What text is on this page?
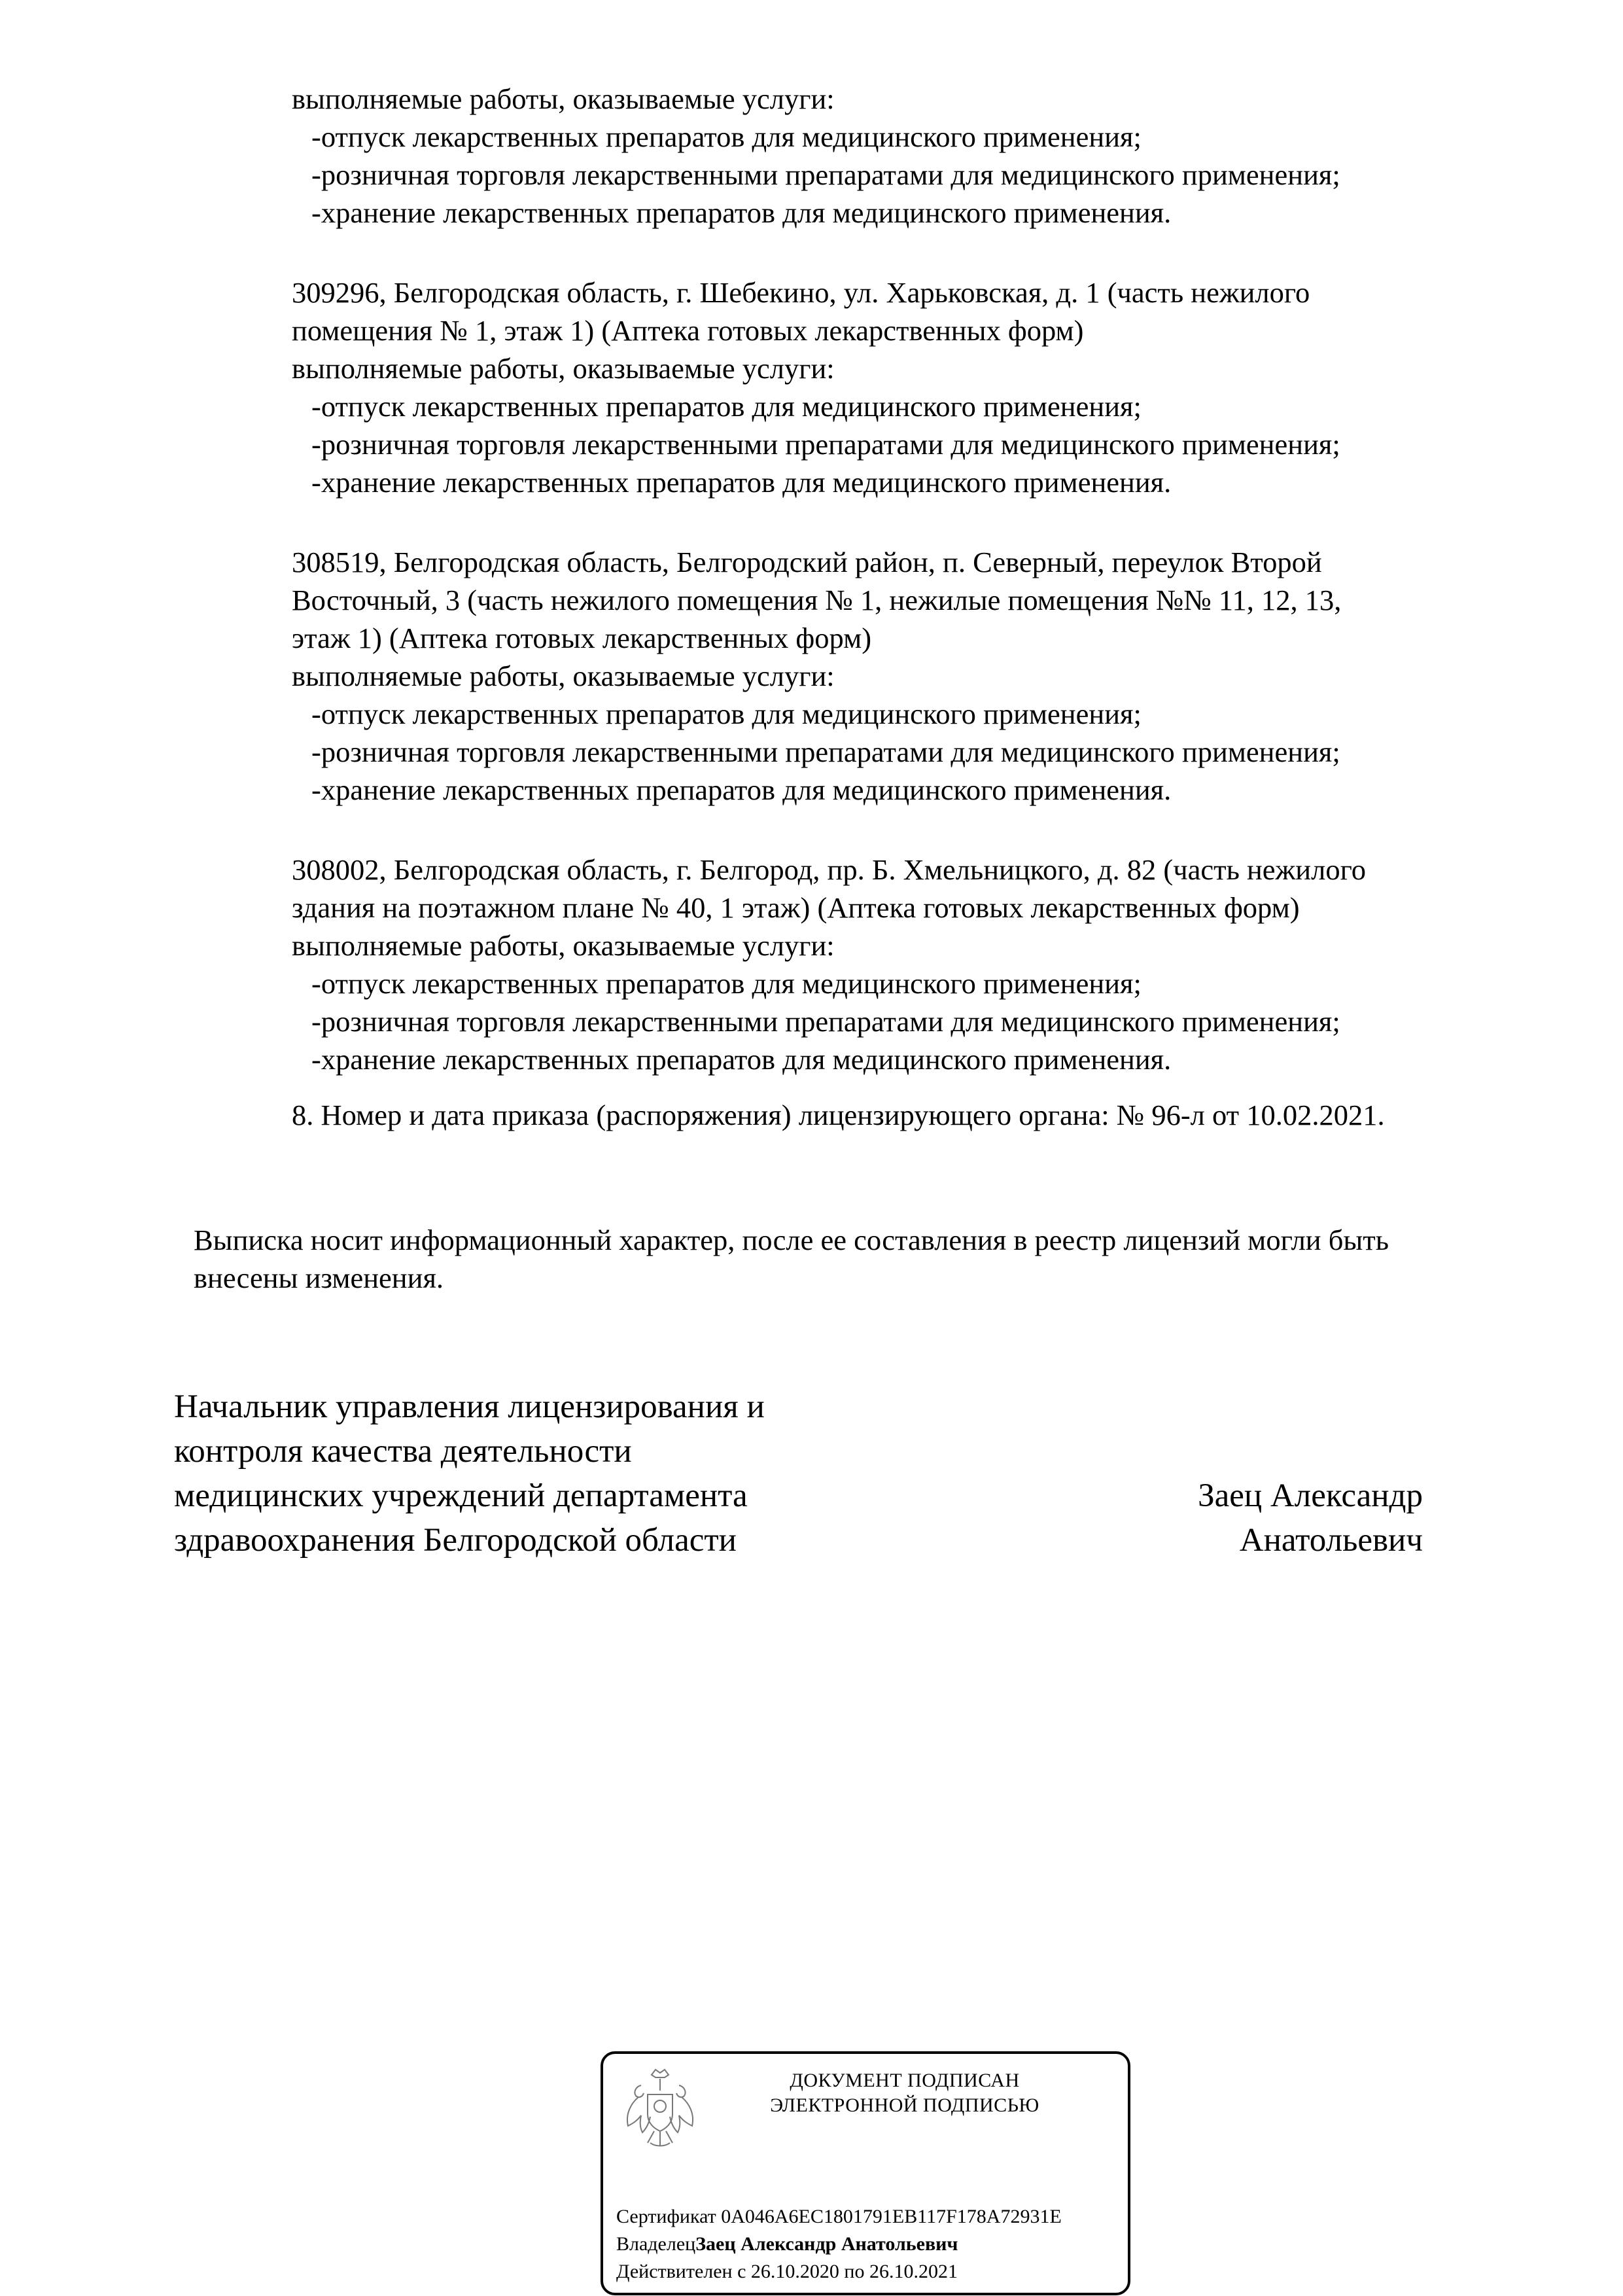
выполняемые работы, оказываемые услуги:
-отпуск лекарственных препаратов для медицинского применения;
-розничная торговля лекарственными препаратами для медицинского применения;
-хранение лекарственных препаратов для медицинского применения.
309296, Белгородская область, г. Шебекино, ул. Харьковская, д. 1 (часть нежилого
помещения № 1, этаж 1) (Аптека готовых лекарственных форм)
выполняемые работы, оказываемые услуги:
-отпуск лекарственных препаратов для медицинского применения;
-розничная торговля лекарственными препаратами для медицинского применения;
-хранение лекарственных препаратов для медицинского применения.
308519, Белгородская область, Белгородский район, п. Северный, переулок Второй
Восточный, 3 (часть нежилого помещения № 1, нежилые помещения №№ 11, 12, 13,
этаж 1) (Аптека готовых лекарственных форм)
выполняемые работы, оказываемые услуги:
-отпуск лекарственных препаратов для медицинского применения;
-розничная торговля лекарственными препаратами для медицинского применения;
-хранение лекарственных препаратов для медицинского применения.
308002, Белгородская область, г. Белгород, пр. Б. Хмельницкого, д. 82 (часть нежилого
здания на поэтажном плане № 40, 1 этаж) (Аптека готовых лекарственных форм)
выполняемые работы, оказываемые услуги:
-отпуск лекарственных препаратов для медицинского применения;
-розничная торговля лекарственными препаратами для медицинского применения;
-хранение лекарственных препаратов для медицинского применения.
8. Номер и дата приказа (распоряжения) лицензирующего органа: № 96-л от 10.02.2021.
Выписка носит информационный характер, после ее составления в реестр лицензий могли быть
внесены изменения.
Начальник управления лицензирования и
контроля качества деятельности
медицинских учреждений департамента
здравоохранения Белгородской области
Заец Александр
Анатольевич
ДОКУМЕНТ ПОДПИСАН
ЭЛЕКТРОННОЙ ПОДПИСЬЮ
Сертификат 0A046A6EC1801791EB117F178A72931E
ВладелецЗаец Александр Анатольевич
Действителен с 26.10.2020 по 26.10.2021
